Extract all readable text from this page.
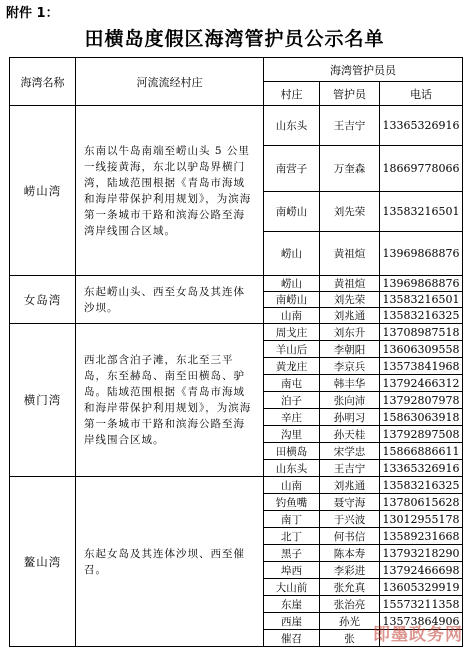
附件 1：
田横岛度假区海湾管护员公示名单
海湾名称	河流流经村庄	海湾管护员员		
		村庄	管护员	电话
崂山湾	东南以牛岛南端至崂山头 5 公里一线接黄海，东北以驴岛界横门湾，陆域范围根据《青岛市海域和海岸带保护利用规划》，为滨海第一条城市干路和滨海公路至海湾岸线围合区域。	山东头	王吉宁	13365326916
		南营子	万奎森	18669778066
		南崂山	刘先荣	13583216501
		崂山	黄祖煊	13969868876
女岛湾	东起崂山头、西至女岛及其连体沙坝。	崂山	黄祖煊	13969868876
		南崂山	刘先荣	13583216501
		山南	刘兆通	13583216325
横门湾	西北部含泊子滩，东北至三平岛，东至赫岛、南至田横岛、驴岛。陆域范围根据《青岛市海域和海岸带保护利用规划》，为滨海第一条城市干路和滨海公路至海岸线围合区域。	周戈庄	刘东升	13708987518
		羊山后	李朝阳	13606309558
		黄龙庄	李京兵	13573841968
		南屯	韩丰华	13792466312
		泊子	张向沛	13792807978
		辛庄	孙明习	15863063918
		沟里	孙天桂	13792897508
		田横岛	宋学忠	15866886611
		山东头	王吉宁	13365326916
鳌山湾	东起女岛及其连体沙坝、西至催召。	山南	刘兆通	13583216325
		钓鱼嘴	聂守海	13780615628
		南丁	于兴波	13012955178
		北丁	何书信	13589231668
		黑子	陈本寿	13793218290
		埠西	李彩进	13792466698
		大山前	张允真	13605329919
		东崖	张治亮	15573211358
		西崖	孙光	13573864906
		催召	张	即墨政务网
